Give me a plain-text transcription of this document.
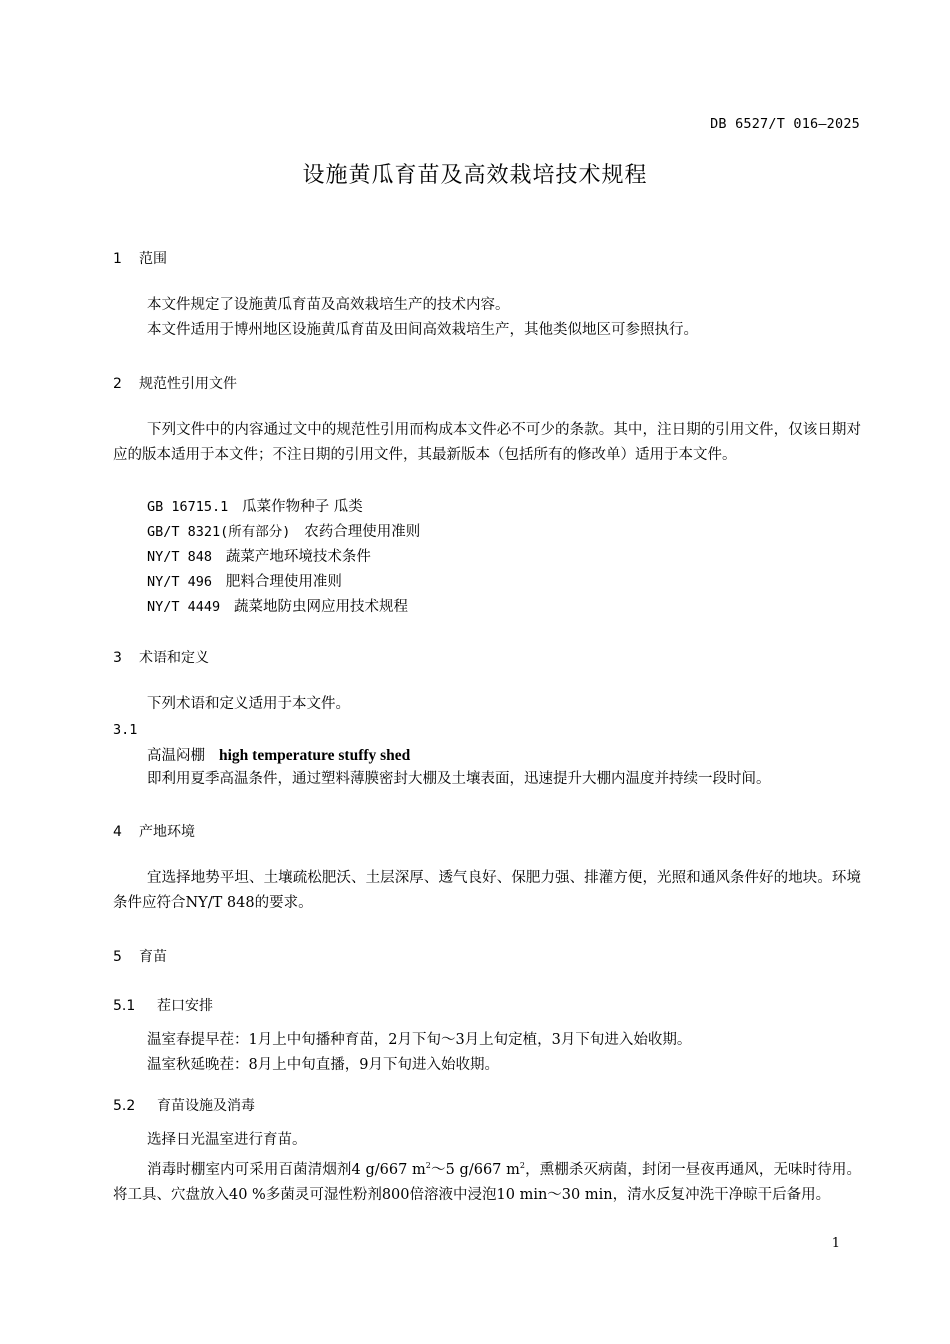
DB 6527/T 016—2025
设施黄瓜育苗及高效栽培技术规程
1 范围
本文件规定了设施黄瓜育苗及高效栽培生产的技术内容。
本文件适用于博州地区设施黄瓜育苗及田间高效栽培生产，其他类似地区可参照执行。
2 规范性引用文件
下列文件中的内容通过文中的规范性引用而构成本文件必不可少的条款。其中，注日期的引用文件，仅该日期对应的版本适用于本文件；不注日期的引用文件，其最新版本（包括所有的修改单）适用于本文件。
GB 16715.1 瓜菜作物种子 瓜类
GB/T 8321(所有部分) 农药合理使用准则
NY/T 848 蔬菜产地环境技术条件
NY/T 496 肥料合理使用准则
NY/T 4449 蔬菜地防虫网应用技术规程
3 术语和定义
下列术语和定义适用于本文件。
3.1
高温闷棚 high temperature stuffy shed
即利用夏季高温条件，通过塑料薄膜密封大棚及土壤表面，迅速提升大棚内温度并持续一段时间。
4 产地环境
宜选择地势平坦、土壤疏松肥沃、土层深厚、透气良好、保肥力强、排灌方便，光照和通风条件好的地块。环境条件应符合NY/T 848的要求。
5 育苗
5.1 茬口安排
温室春提早茬：1月上中旬播种育苗，2月下旬～3月上旬定植，3月下旬进入始收期。
温室秋延晚茬：8月上中旬直播，9月下旬进入始收期。
5.2 育苗设施及消毒
选择日光温室进行育苗。
消毒时棚室内可采用百菌清烟剂4 g/667 $m^2\sim 5$ g/667 $m^2$，熏棚杀灭病菌，封闭一昼夜再通风，无味时待用。将工具、穴盘放入40 %多菌灵可湿性粉剂800倍溶液中浸泡10 min～30 min，清水反复冲洗干净晾干后备用。
1
